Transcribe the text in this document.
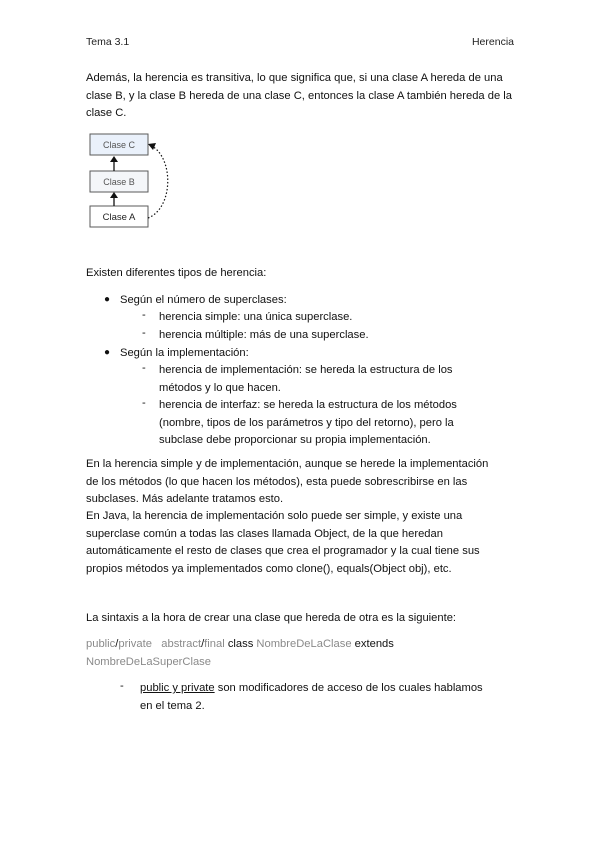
Tema 3.1	Herencia

Además, la herencia es transitiva, lo que significa que, si una clase A hereda de una clase B, y la clase B hereda de una clase C, entonces la clase A también hereda de la clase C.

Clase C
Clase B
Clase A

Existen diferentes tipos de herencia:

● Según el número de superclases:
- herencia simple: una única superclase.
- herencia múltiple: más de una superclase.
● Según la implementación:
- herencia de implementación: se hereda la estructura de los métodos y lo que hacen.
- herencia de interfaz: se hereda la estructura de los métodos (nombre, tipos de los parámetros y tipo del retorno), pero la subclase debe proporcionar su propia implementación.

En la herencia simple y de implementación, aunque se herede la implementación de los métodos (lo que hacen los métodos), esta puede sobrescribirse en las subclases. Más adelante tratamos esto.

En Java, la herencia de implementación solo puede ser simple, y existe una superclase común a todas las clases llamada Object, de la que heredan automáticamente el resto de clases que crea el programador y la cual tiene sus propios métodos ya implementados como clone(), equals(Object obj), etc.

La sintaxis a la hora de crear una clase que hereda de otra es la siguiente:

public/private abstract/final class NombreDeLaClase extends NombreDeLaSuperClase

- public y private son modificadores de acceso de los cuales hablamos
en el tema 2.
